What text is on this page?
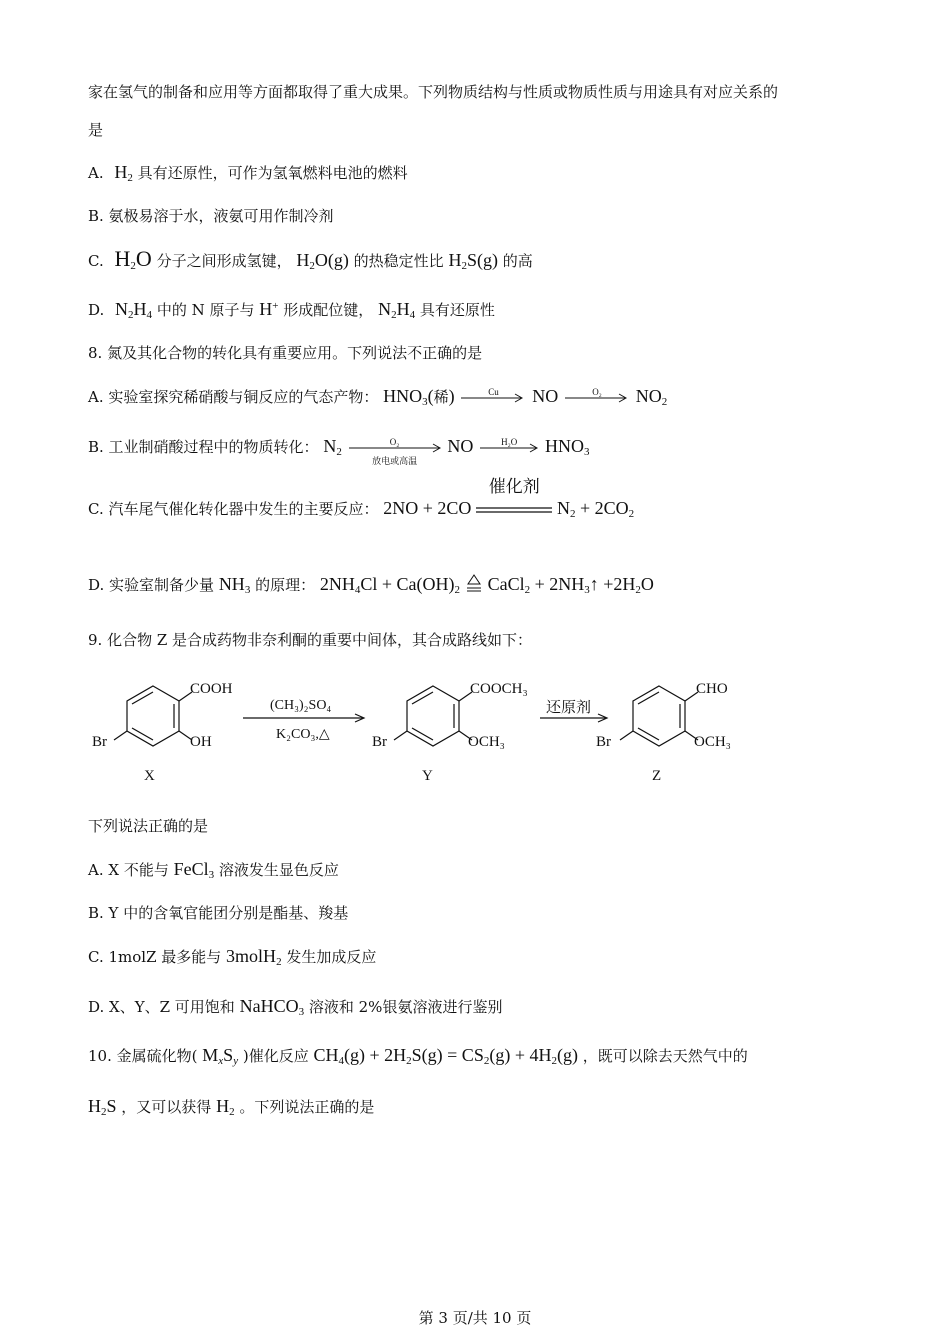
家在氢气的制备和应用等方面都取得了重大成果。下列物质结构与性质或物质性质与用途具有对应关系的
是
A. $H_2$ 具有还原性，可作为氢氧燃料电池的燃料
B. 氨极易溶于水，液氨可用作制冷剂
C. $H_2O$ 分子之间形成氢键， $H_2O(g)$ 的热稳定性比 $H_2S(g)$ 的高
D. $N_2H_4$ 中的 N 原子与 H+ 形成配位键， $N_2H_4$ 具有还原性
8. 氮及其化合物的转化具有重要应用。下列说法不正确的是
A. 实验室探究稀硝酸与铜反应的气态产物： $HNO_3$(稀)	Cu	NO	O₂	$NO_2$
B. 工业制硝酸过程中的物质转化： $N_2$
O₂
放电或高温
NO	H₂O	$HNO_3$
C. 汽车尾气催化转化器中发生的主要反应： 2NO + 2CO
催化剂
$N_2 + 2CO_2$
D. 实验室制备少量 $NH_3$ 的原理： $2NH_4Cl + Ca(OH)_2$ CaCl$_2$ + $2NH_3↑ +2H_2O$
9. 化合物 Z 是合成药物非奈利酮的重要中间体，其合成路线如下：
COOH
OH
Br
X
(CH₃)₂SO₄
K₂CO₃,△
COOCH₃
OCH₃
Br
Y
还原剂
CHO
OCH₃
Br
Z
下列说法正确的是
A. X 不能与 FeCl$_3$ 溶液发生显色反应
B. Y 中的含氧官能团分别是酯基、羧基
C. 1molZ 最多能与 3molH$_2$ 发生加成反应
D. X、Y、Z 可用饱和 NaHCO$_3$ 溶液和 2%银氨溶液进行鉴别
10. 金属硫化物( $M_xS_y$ )催化反应 $CH_4(g) + 2H_2S(g) = CS_2(g) + 4H_2(g)$ ，既可以除去天然气中的
$H_2S$ ，又可以获得 $H_2$ 。下列说法正确的是
第 3 页/共 10 页
